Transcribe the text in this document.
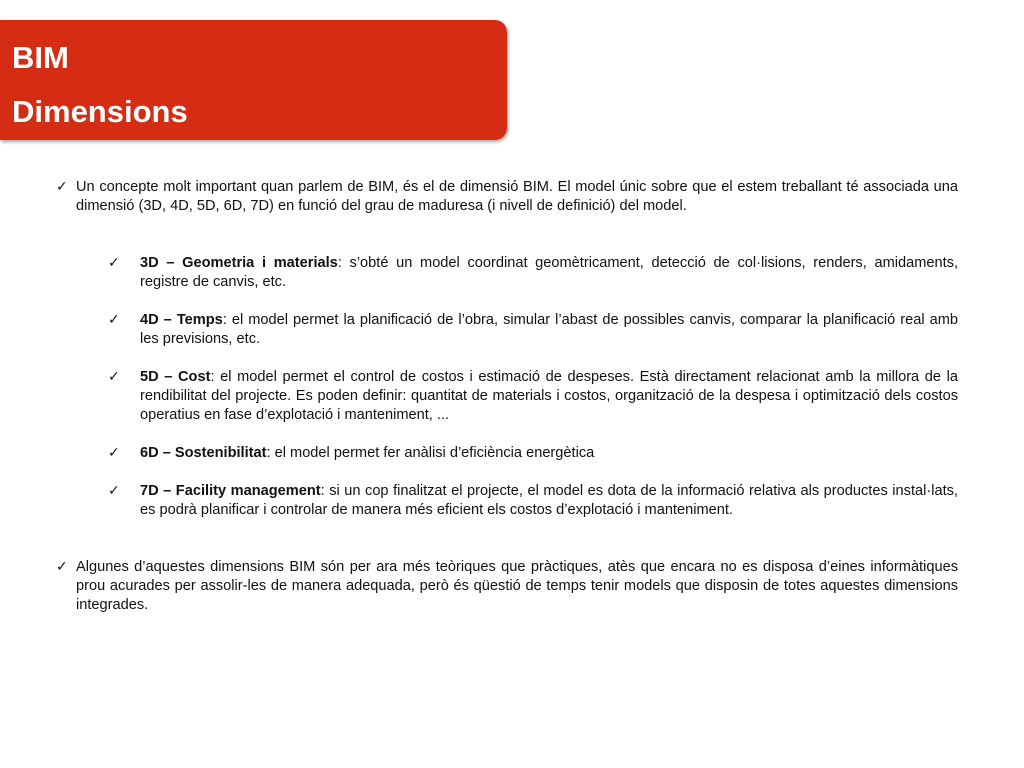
BIM
Dimensions
✓ Un concepte molt important quan parlem de BIM, és el de dimensió BIM. El model únic sobre que el estem treballant té associada una dimensió (3D, 4D, 5D, 6D, 7D) en funció del grau de maduresa (i nivell de definició) del model.
✓ 3D – Geometria i materials: s’obté un model coordinat geomètricament, detecció de col·lisions, renders, amidaments, registre de canvis, etc.
✓ 4D – Temps: el model permet la planificació de l’obra, simular l’abast de possibles canvis, comparar la planificació real amb les previsions, etc.
✓ 5D – Cost: el model permet el control de costos i estimació de despeses. Està directament relacionat amb la millora de la rendibilitat del projecte. Es poden definir: quantitat de materials i costos, organització de la despesa i optimització dels costos operatius en fase d’explotació i manteniment, ...
✓ 6D – Sostenibilitat: el model permet fer anàlisi d’eficiència energètica
✓ 7D – Facility management: si un cop finalitzat el projecte, el model es dota de la informació relativa als productes instal·lats, es podrà planificar i controlar de manera més eficient els costos d’explotació i manteniment.
✓ Algunes d’aquestes dimensions BIM són per ara més teòriques que pràctiques, atès que encara no es disposa d’eines informàtiques prou acurades per assolir-les de manera adequada, però és qüestió de temps tenir models que disposin de totes aquestes dimensions integrades.
